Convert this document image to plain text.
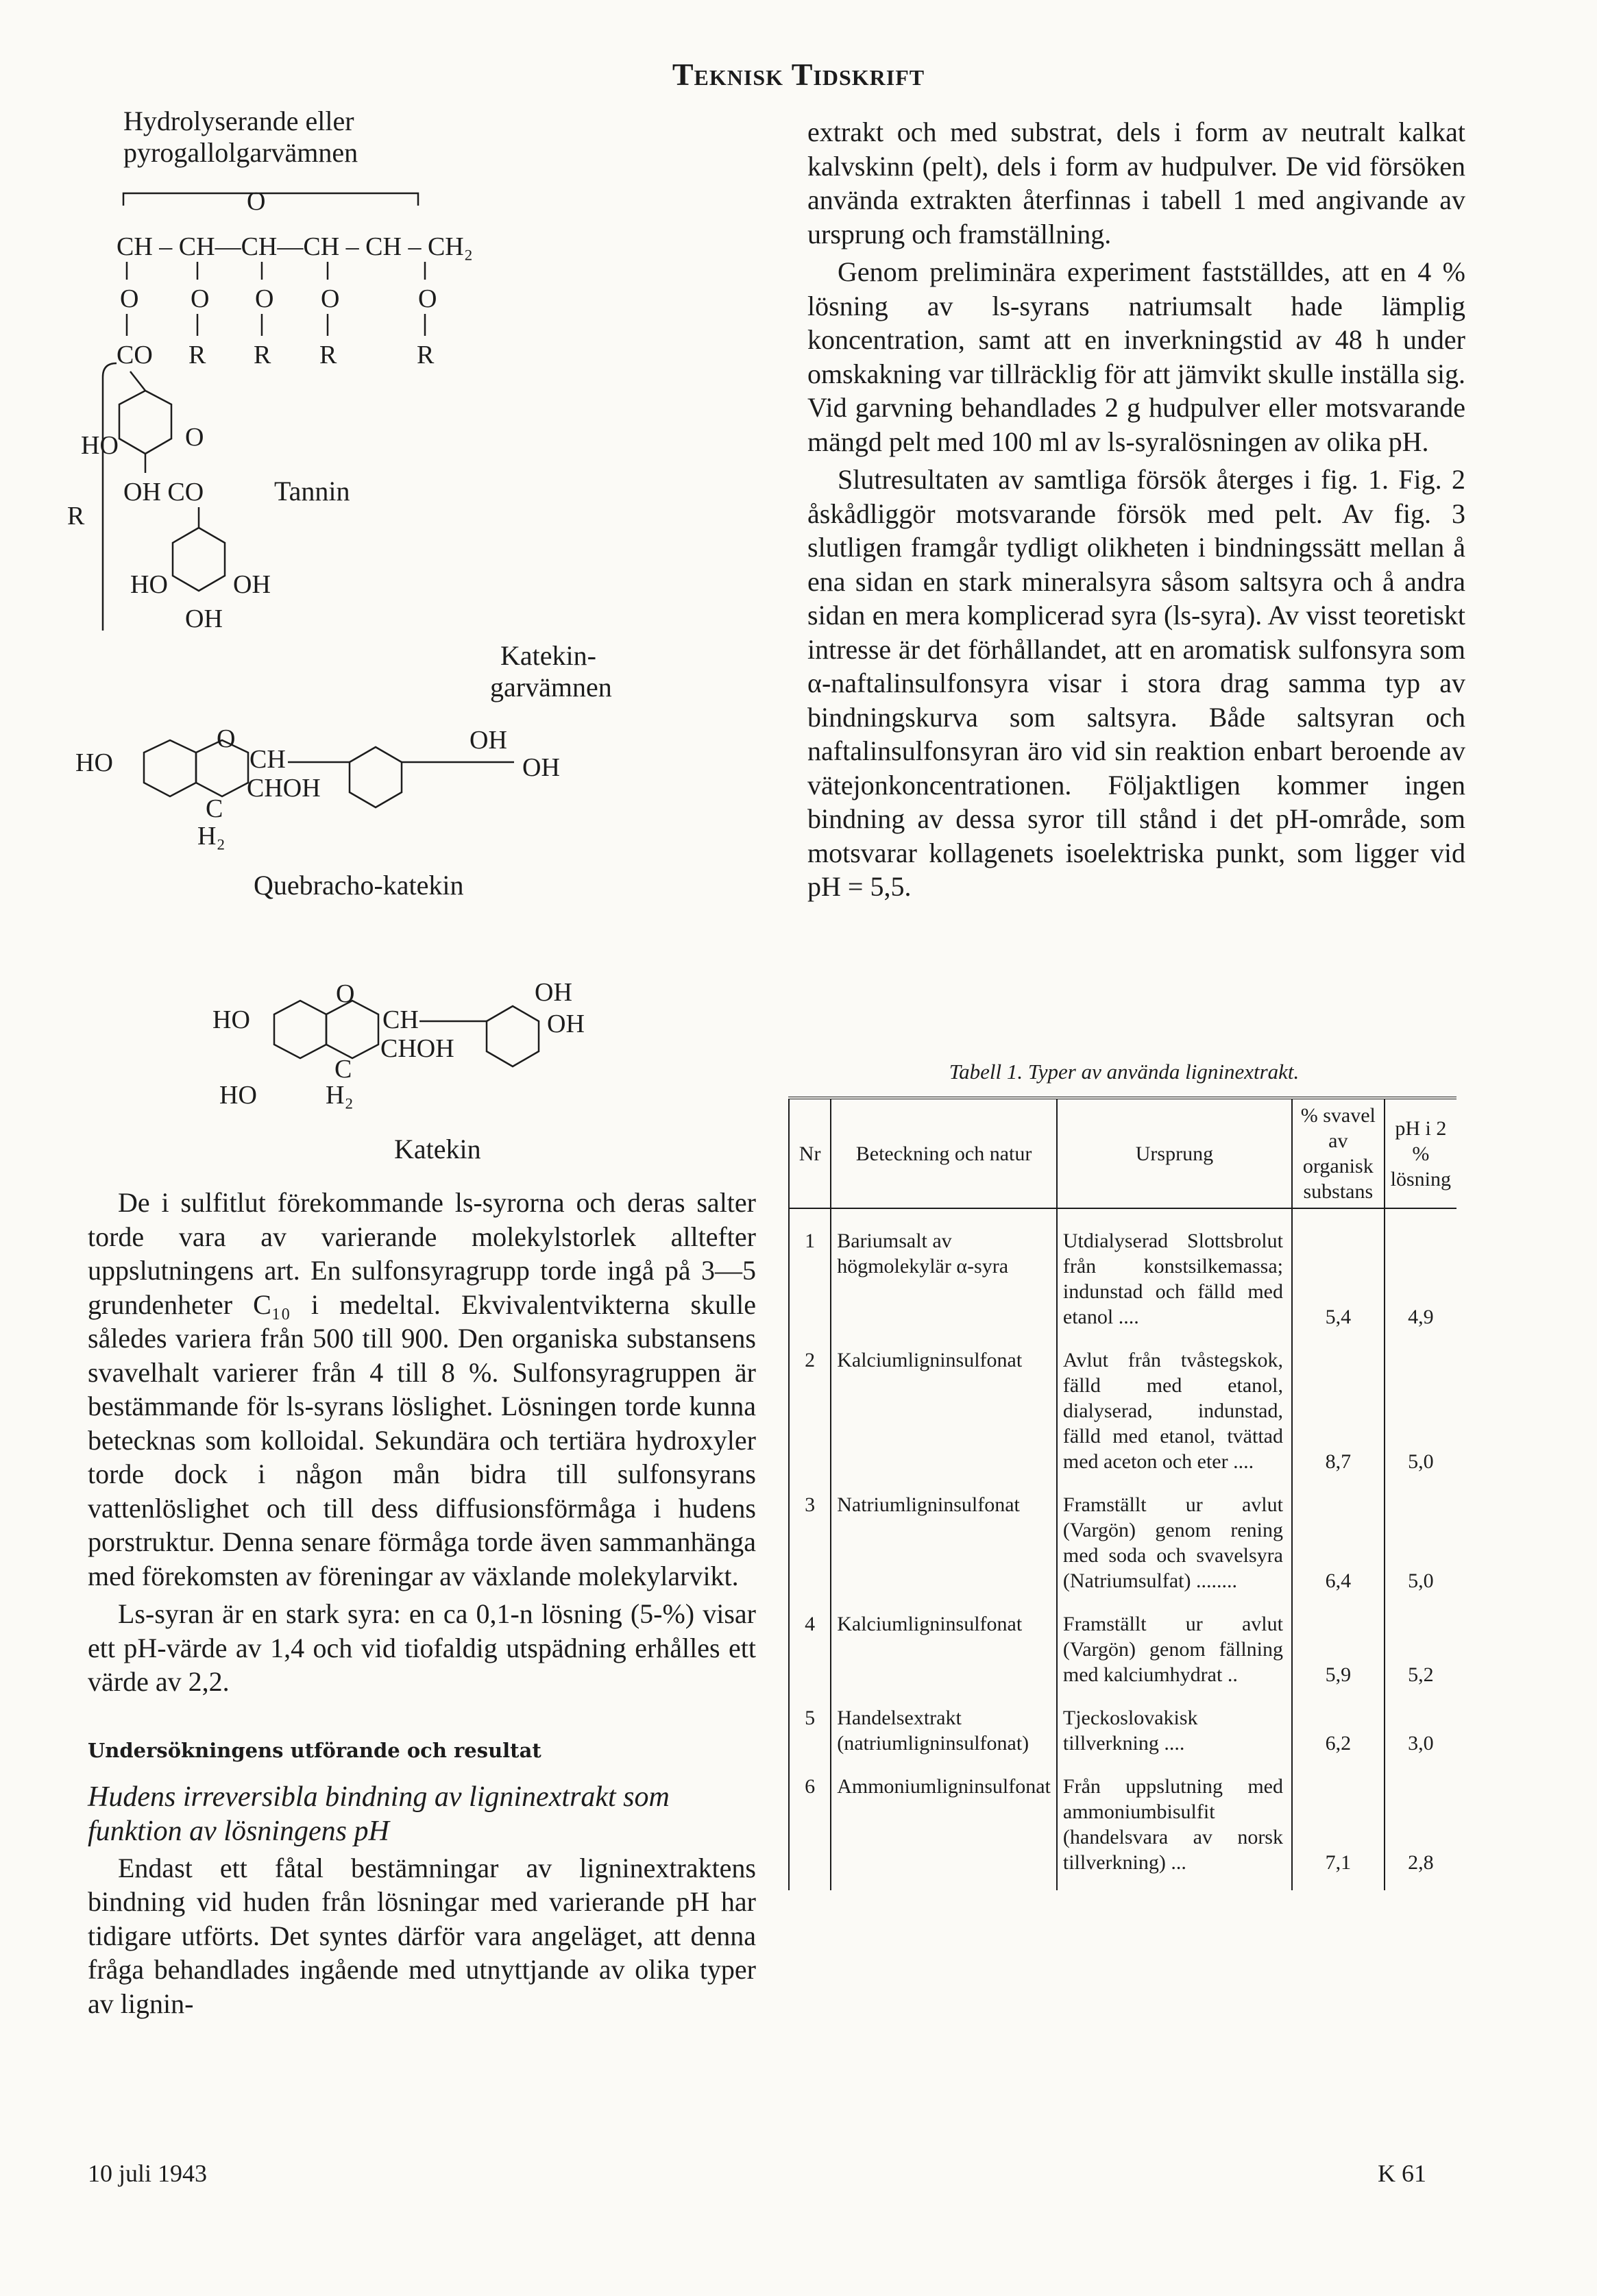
Teknisk Tidskrift
Hydrolyserande eller
pyrogallolgarvämnen
O
CH – CH—CH—CH – CH – CH₂
O O O O	O
CO R R R	R
R
HO	O
OH CO	Tannin
HO	OH
OH
Katekin-
garvämnen
HO
O
CH
CHOH
C
H₂
OH
OH
Quebracho-katekin
HO
O
CH
CHOH
C
HO	H₂
OH
OH
Katekin

De i sulfitlut förekommande ls-syrorna och deras salter torde vara av varierande molekylstorlek alltefter uppslutningens art. En sulfonsyragrupp torde ingå på 3—5 grundenheter C₁₀ i medeltal. Ekvivalentvikterna skulle således variera från 500 till 900. Den organiska substansens svavelhalt varierer från 4 till 8 %. Sulfonsyragruppen är bestämmande för ls-syrans löslighet. Lösningen torde kunna betecknas som kolloidal. Sekundära och tertiära hydroxyler torde dock i någon mån bidra till sulfonsyrans vattenlöslighet och till dess diffusionsförmåga i hudens porstruktur. Denna senare förmåga torde även sammanhänga med förekomsten av föreningar av växlande molekylarvikt.

Ls-syran är en stark syra: en ca 0,1-n lösning (5-%) visar ett pH-värde av 1,4 och vid tiofaldig utspädning erhålles ett värde av 2,2.

Undersökningens utförande och resultat
Hudens irreversibla bindning av ligninextrakt som funktion av lösningens pH

Endast ett fåtal bestämningar av ligninextraktens bindning vid huden från lösningar med varierande pH har tidigare utförts. Det syntes därför vara angeläget, att denna fråga behandlades ingående med utnyttjande av olika typer av lignin-

extrakt och med substrat, dels i form av neutralt kalkat kalvskinn (pelt), dels i form av hudpulver. De vid försöken använda extrakten återfinnas i tabell 1 med angivande av ursprung och framställning.

Genom preliminära experiment fastställdes, att en 4 % lösning av ls-syrans natriumsalt hade lämplig koncentration, samt att en inverkningstid av 48 h under omskakning var tillräcklig för att jämvikt skulle inställa sig. Vid garvning behandlades 2 g hudpulver eller motsvarande mängd pelt med 100 ml av ls-syralösningen av olika pH.

Slutresultaten av samtliga försök återges i fig. 1. Fig. 2 åskådliggör motsvarande försök med pelt. Av fig. 3 slutligen framgår tydligt olikheten i bindningssätt mellan å ena sidan en stark mineralsyra såsom saltsyra och å andra sidan en mera komplicerad syra (ls-syra). Av visst teoretiskt intresse är det förhållandet, att en aromatisk sulfonsyra som α-naftalinsulfonsyra visar i stora drag samma typ av bindningskurva som saltsyra. Både saltsyran och naftalinsulfonsyran äro vid sin reaktion enbart beroende av vätejonkoncentrationen. Följaktligen kommer ingen bindning av dessa syror till stånd i det pH-område, som motsvarar kollagenets isoelektriska punkt, som ligger vid pH = 5,5.

Tabell 1. Typer av använda ligninextrakt.

Nr	Beteckning och natur	Ursprung	% svavel av organisk substans	pH i 2 % lösning
1	Bariumsalt av högmolekylär α-syra	Utdialyserad Slottsbrolut från konstsilkemassa; indunstad och fälld med etanol ....	5,4	4,9
2	Kalciumligninsulfonat	Avlut från tvåstegskok, fälld med etanol, dialyserad, indunstad, fälld med etanol, tvättad med aceton och eter ....	8,7	5,0
3	Natriumligninsulfonat	Framställt ur avlut (Vargön) genom rening med soda och svavelsyra (Natriumsulfat) ........	6,4	5,0
4	Kalciumligninsulfonat	Framställt ur avlut (Vargön) genom fällning med kalciumhydrat ..	5,9	5,2
5	Handelsextrakt (natriumligninsulfonat)	Tjeckoslovakisk tillverkning ....	6,2	3,0
6	Ammoniumligninsulfonat	Från uppslutning med ammoniumbisulfit (handelsvara av norsk tillverkning) ...	7,1	2,8
10 juli 1943	K 61
